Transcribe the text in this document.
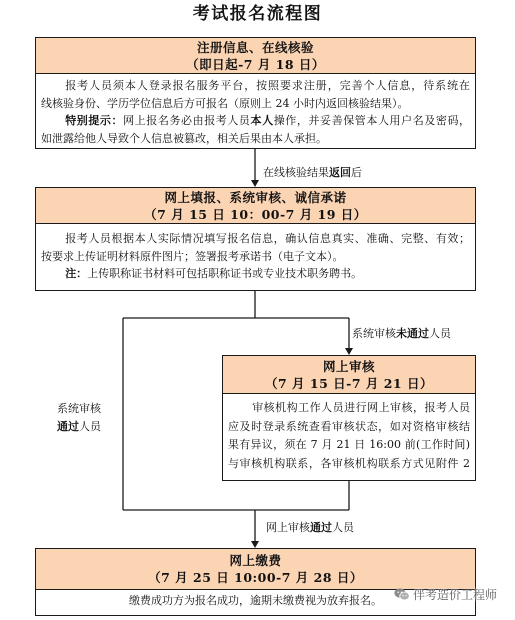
考试报名流程图
注册信息、在线核验
（即日起-7 月 18 日）
报考人员须本人登录报名服务平台，按照要求注册，完善个人信息，待系统在
线核验身份、学历学位信息后方可报名（原则上 24 小时内返回核验结果）。
特别提示：网上报名务必由报考人员本人操作，并妥善保管本人用户名及密码，
如泄露给他人导致个人信息被篡改，相关后果由本人承担。
网上填报、系统审核、诚信承诺
（7 月 15 日 10：00-7 月 19 日）
报考人员根据本人实际情况填写报名信息，确认信息真实、准确、完整、有效；
按要求上传证明材料原件图片；签署报考承诺书（电子文本）。
注：上传职称证书材料可包括职称证书或专业技术职务聘书。
网上审核
（7 月 15 日-7 月 21 日）
审核机构工作人员进行网上审核，报考人员
应及时登录系统查看审核状态，如对资格审核结
果有异议，须在 7 月 21 日 16:00 前(工作时间)
与审核机构联系，各审核机构联系方式见附件 2
网上缴费
（7 月 25 日 10:00-7 月 28 日）
缴费成功方为报名成功，逾期未缴费视为放弃报名。
在线核验结果返回后
系统审核未通过人员
系统审核
通过人员
网上审核通过人员
伴考造价工程师
